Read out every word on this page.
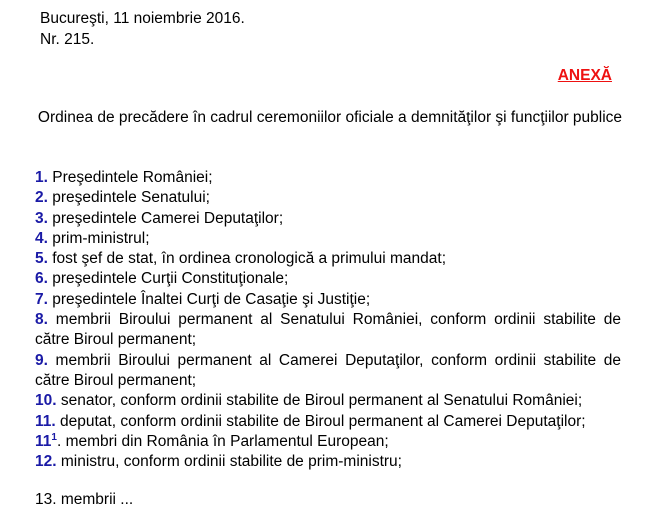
Bucureşti, 11 noiembrie 2016.
Nr. 215.
ANEXĂ
Ordinea de precădere în cadrul ceremoniilor oficiale a demnităţilor şi funcţiilor publice
1. Preşedintele României;
2. preşedintele Senatului;
3. preşedintele Camerei Deputaţilor;
4. prim-ministrul;
5. fost şef de stat, în ordinea cronologică a primului mandat;
6. preşedintele Curţii Constituţionale;
7. preşedintele Înaltei Curţi de Casaţie şi Justiţie;
8. membrii Biroului permanent al Senatului României, conform ordinii stabilite de către Biroul permanent;
9. membrii Biroului permanent al Camerei Deputaţilor, conform ordinii stabilite de către Biroul permanent;
10. senator, conform ordinii stabilite de Biroul permanent al Senatului României;
11. deputat, conform ordinii stabilite de Biroul permanent al Camerei Deputaţilor;
$11^1$. membri din România în Parlamentul European;
12. ministru, conform ordinii stabilite de prim-ministru;
13. membrii ...
